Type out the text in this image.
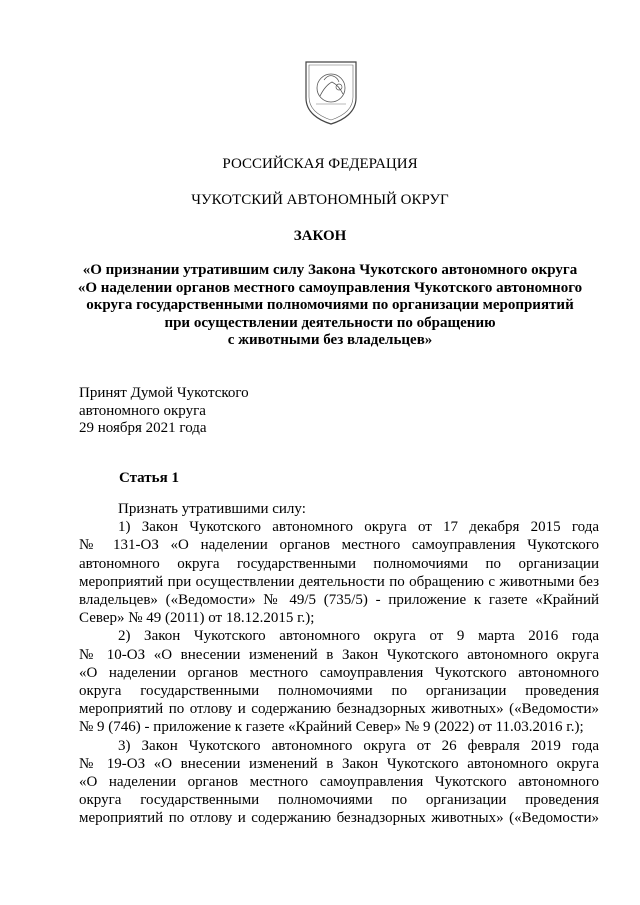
РОССИЙСКАЯ ФЕДЕРАЦИЯ
ЧУКОТСКИЙ АВТОНОМНЫЙ ОКРУГ
ЗАКОН
«О признании утратившим силу Закона Чукотского автономного округа
«О наделении органов местного самоуправления Чукотского автономного
округа государственными полномочиями по организации мероприятий
при осуществлении деятельности по обращению
с животными без владельцев»
Принят Думой Чукотского
автономного округа
29 ноября 2021 года
Статья 1
Признать утратившими силу:
1) Закон Чукотского автономного округа от 17 декабря 2015 года
№ 131-ОЗ «О наделении органов местного самоуправления Чукотского
автономного округа государственными полномочиями по организации
мероприятий при осуществлении деятельности по обращению с животными без
владельцев» («Ведомости» № 49/5 (735/5) - приложение к газете «Крайний
Север» № 49 (2011) от 18.12.2015 г.);
2) Закон Чукотского автономного округа от 9 марта 2016 года
№ 10-ОЗ «О внесении изменений в Закон Чукотского автономного округа
«О наделении органов местного самоуправления Чукотского автономного
округа государственными полномочиями по организации проведения
мероприятий по отлову и содержанию безнадзорных животных» («Ведомости»
№ 9 (746) - приложение к газете «Крайний Север» № 9 (2022) от 11.03.2016 г.);
3) Закон Чукотского автономного округа от 26 февраля 2019 года
№ 19-ОЗ «О внесении изменений в Закон Чукотского автономного округа
«О наделении органов местного самоуправления Чукотского автономного
округа государственными полномочиями по организации проведения
мероприятий по отлову и содержанию безнадзорных животных» («Ведомости»
